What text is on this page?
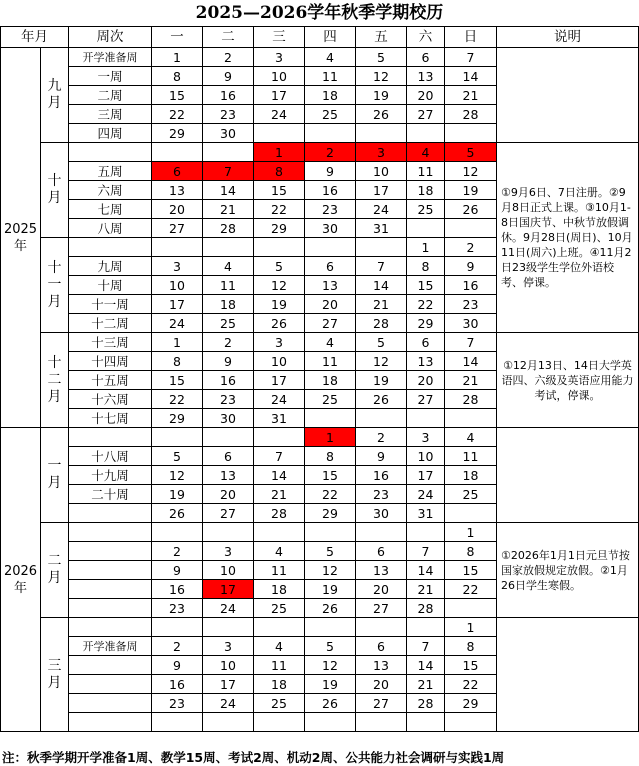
2025—2026学年秋季学期校历
年月		周次	一	二	三	四	五	六	日	说明
2025年	九月	开学准备周	1	2	3	4	5	6	7	
		一周	8	9	10	11	12	13	14	
		二周	15	16	17	18	19	20	21	
		三周	22	23	24	25	26	27	28	
		四周	29	30						
	十月				1	2	3	4	5	①9月6日、7日注册。②9月8日正式上课。③10月1-8日国庆节、中秋节放假调休。9月28日(周日)、10月11日(周六)上班。④11月2日23级学生学位外语校考、停课。
		五周	6	7	8	9	10	11	12	
		六周	13	14	15	16	17	18	19	
		七周	20	21	22	23	24	25	26	
		八周	27	28	29	30	31			
	十一月							1	2	
		九周	3	4	5	6	7	8	9	
		十周	10	11	12	13	14	15	16	
		十一周	17	18	19	20	21	22	23	
		十二周	24	25	26	27	28	29	30	
	十二月	十三周	1	2	3	4	5	6	7	①12月13日、14日大学英语四、六级及英语应用能力考试，停课。
		十四周	8	9	10	11	12	13	14	
		十五周	15	16	17	18	19	20	21	
		十六周	22	23	24	25	26	27	28	
		十七周	29	30	31					
2026年	一月					1	2	3	4	
		十八周	5	6	7	8	9	10	11	
		十九周	12	13	14	15	16	17	18	
		二十周	19	20	21	22	23	24	25	
			26	27	28	29	30	31		
	二月								1	①2026年1月1日元旦节按国家放假规定放假。②1月26日学生寒假。
			2	3	4	5	6	7	8	
			9	10	11	12	13	14	15	
			16	17	18	19	20	21	22	
			23	24	25	26	27	28		
	三月								1	
		开学准备周	2	3	4	5	6	7	8	
			9	10	11	12	13	14	15	
			16	17	18	19	20	21	22	
			23	24	25	26	27	28	29	

注：秋季学期开学准备1周、教学15周、考试2周、机动2周、公共能力社会调研与实践1周
